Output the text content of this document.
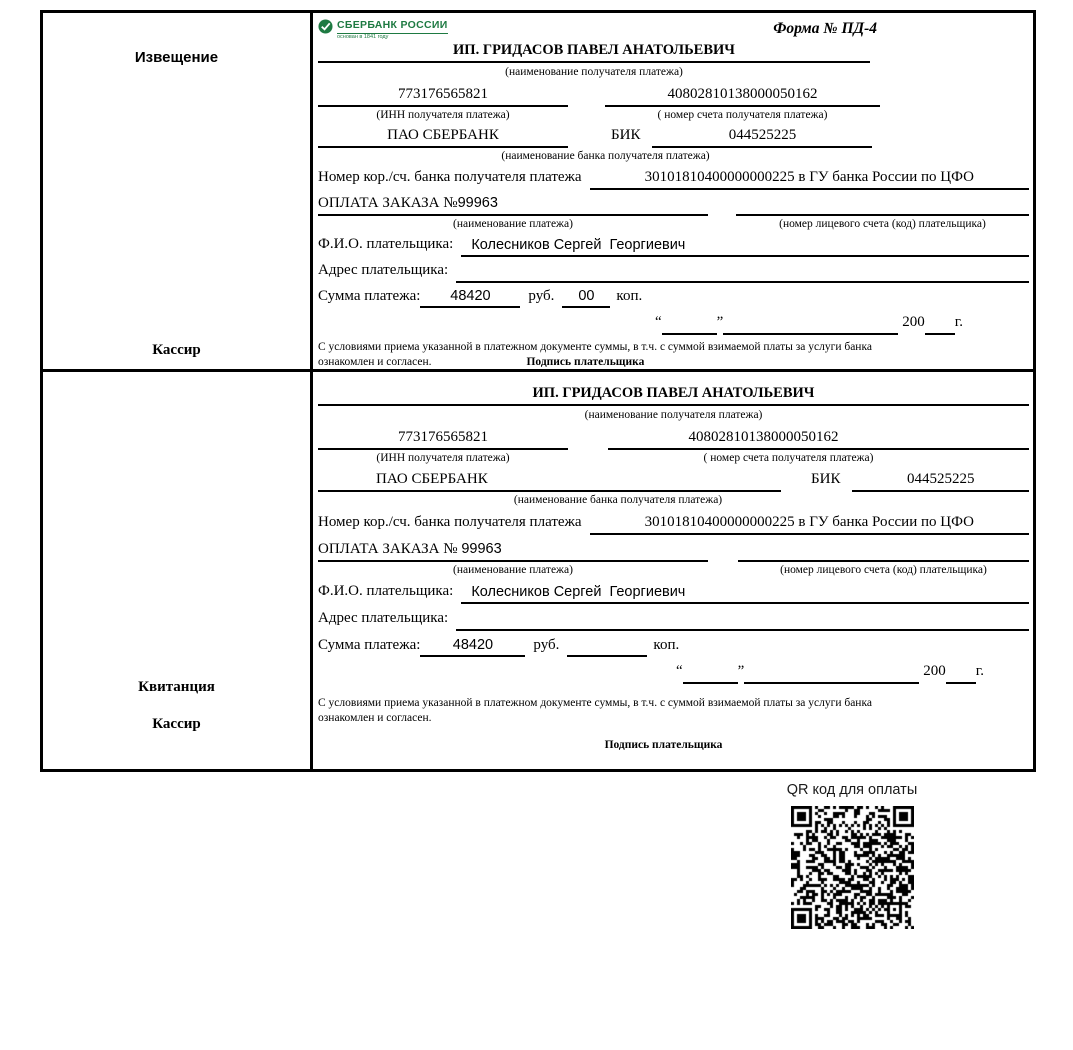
Извещение
Кассир
СБЕРБАНК РОССИИ
основан в 1841 году
Форма № ПД-4
ИП. ГРИДАСОВ ПАВЕЛ АНАТОЛЬЕВИЧ
(наименование получателя платежа)
773176565821	40802810138000050162
(ИНН получателя платежа)	( номер счета получателя платежа)
ПАО СБЕРБАНК	БИК	044525225
(наименование банка получателя платежа)
Номер кор./сч. банка получателя платежа	30101810400000000225 в ГУ банка России по ЦФО
ОПЛАТА ЗАКАЗА №99963
(наименование платежа)	(номер лицевого счета (код) плательщика)
Ф.И.О. плательщика:	Колесников Сергей  Георгиевич
Адрес плательщика:
Сумма платежа:	48420	руб.	00	коп.
“	”	200 г.
С условиями приема указанной в платежном документе суммы, в т.ч. с суммой взимаемой платы за услуги банка
ознакомлен и согласен.	Подпись плательщика
Квитанция
Кассир
ИП. ГРИДАСОВ ПАВЕЛ АНАТОЛЬЕВИЧ
(наименование получателя платежа)
773176565821	40802810138000050162
(ИНН получателя платежа)	( номер счета получателя платежа)
ПАО СБЕРБАНК	БИК	044525225
(наименование банка получателя платежа)
Номер кор./сч. банка получателя платежа	30101810400000000225 в ГУ банка России по ЦФО
ОПЛАТА ЗАКАЗА № 99963
(наименование платежа)	(номер лицевого счета (код) плательщика)
Ф.И.О. плательщика:	Колесников Сергей  Георгиевич
Адрес плательщика:
Сумма платежа:	48420	руб.	коп.
“	”	200 г.
С условиями приема указанной в платежном документе суммы, в т.ч. с суммой взимаемой платы за услуги банка
ознакомлен и согласен.
Подпись плательщика
QR код для оплаты
